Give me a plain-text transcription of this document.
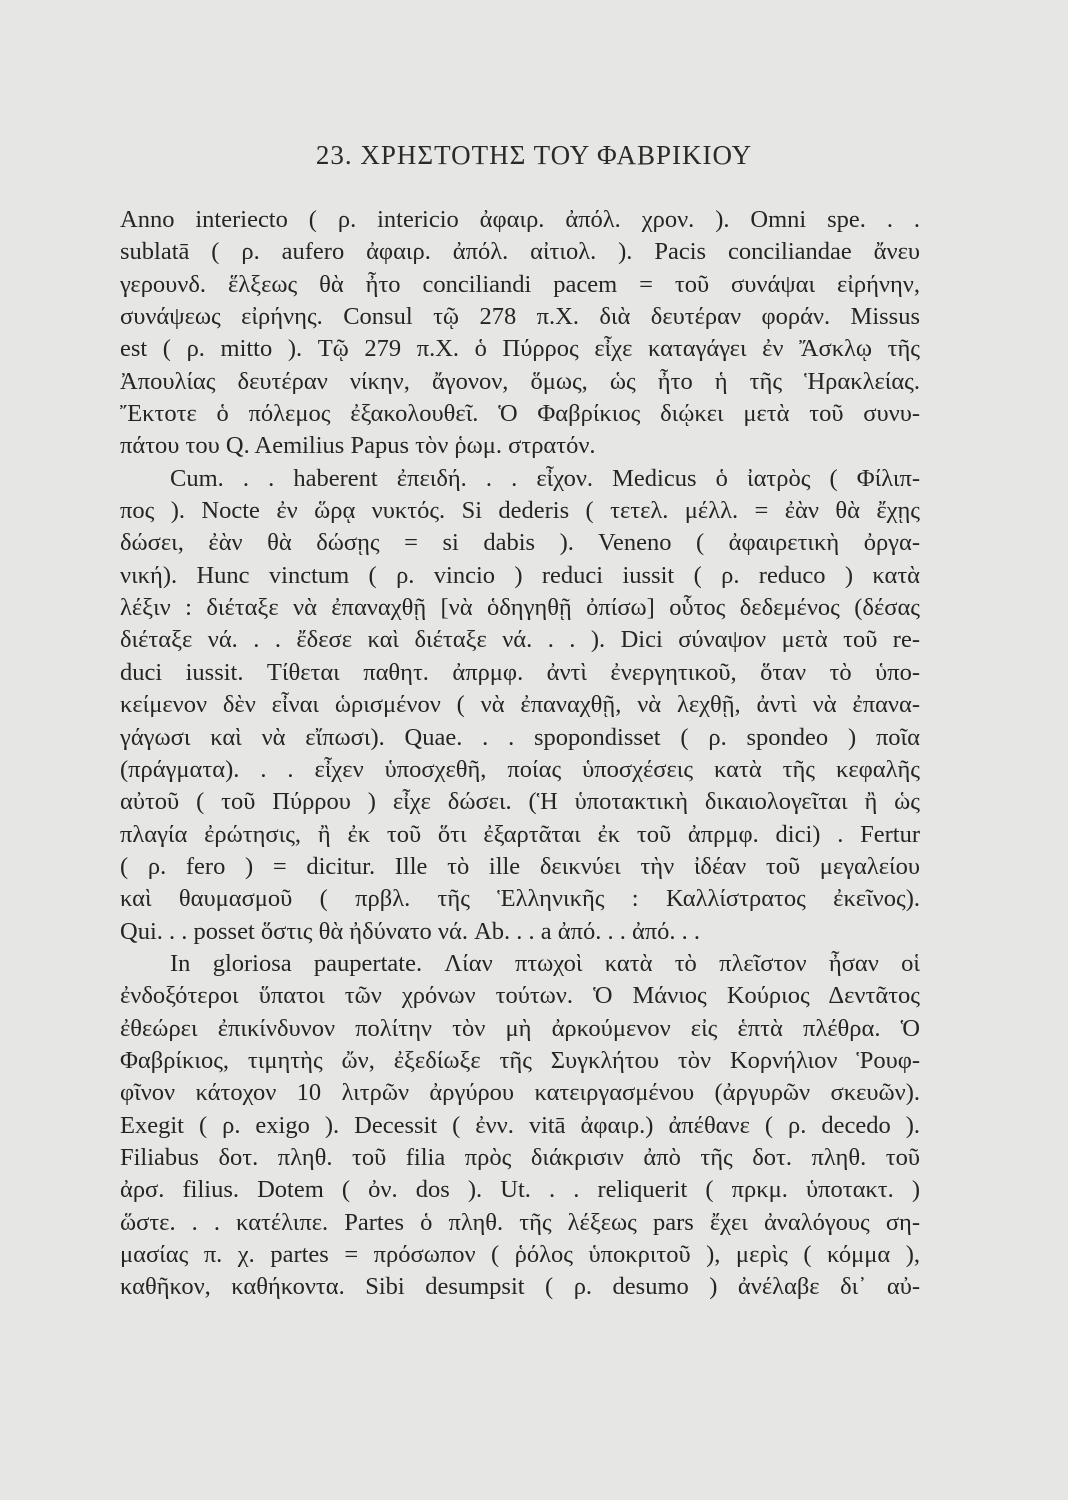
23. ΧΡΗΣΤΟΤΗΣ ΤΟΥ ΦΑΒΡΙΚΙΟΥ
Anno interiecto ( ρ. intericio ἀφαιρ. ἀπόλ. χρον. ). Omni spe. . .
sublatā ( ρ. aufero ἀφαιρ. ἀπόλ. αἰτιολ. ). Pacis conciliandae ἄνευ
γερουνδ. ἕλξεως θὰ ἦτο conciliandi pacem = τοῦ συνάψαι εἰρήνην,
συνάψεως εἰρήνης. Consul τῷ 278 π.Χ. διὰ δευτέραν φοράν. Missus
est ( ρ. mitto ). Τῷ 279 π.Χ. ὁ Πύρρος εἶχε καταγάγει ἐν Ἄσκλῳ τῆς
Ἀπουλίας δευτέραν νίκην, ἄγονον, ὅμως, ὡς ἦτο ἡ τῆς Ἡρακλείας.
Ἔκτοτε ὁ πόλεμος ἐξακολουθεῖ. Ὁ Φαβρίκιος διῴκει μετὰ τοῦ συνυ-
πάτου του Q. Aemilius Papus τὸν ῥωμ. στρατόν.
Cum. . . haberent ἐπειδή. . . εἶχον. Medicus ὁ ἰατρὸς ( Φίλιπ-
πος ). Nocte ἐν ὥρᾳ νυκτός. Si dederis ( τετελ. μέλλ. = ἐὰν θὰ ἔχῃς
δώσει, ἐὰν θὰ δώσῃς = si dabis ). Veneno ( ἀφαιρετικὴ ὀργα-
νική). Hunc vinctum ( ρ. vincio ) reduci iussit ( ρ. reduco ) κατὰ
λέξιν : διέταξε νὰ ἐπαναχθῇ [νὰ ὁδηγηθῇ ὀπίσω] οὗτος δεδεμένος (δέσας
διέταξε νά. . . ἔδεσε καὶ διέταξε νά. . . ). Dici σύναψον μετὰ τοῦ re-
duci iussit. Τίθεται παθητ. ἀπρμφ. ἀντὶ ἐνεργητικοῦ, ὅταν τὸ ὑπο-
κείμενον δὲν εἶναι ὡρισμένον ( νὰ ἐπαναχθῇ, νὰ λεχθῇ, ἀντὶ νὰ ἐπανα-
γάγωσι καὶ νὰ εἴπωσι). Quae. . . spopondisset ( ρ. spondeo ) ποῖα
(πράγματα). . . εἶχεν ὑποσχεθῆ, ποίας ὑποσχέσεις κατὰ τῆς κεφαλῆς
αὐτοῦ ( τοῦ Πύρρου ) εἶχε δώσει. (Ἡ ὑποτακτικὴ δικαιολογεῖται ἢ ὡς
πλαγία ἐρώτησις, ἢ ἐκ τοῦ ὅτι ἐξαρτᾶται ἐκ τοῦ ἀπρμφ. dici) . Fertur
( ρ. fero ) = dicitur. Ille τὸ ille δεικνύει τὴν ἰδέαν τοῦ μεγαλείου
καὶ θαυμασμοῦ ( πρβλ. τῆς Ἑλληνικῆς : Καλλίστρατος ἐκεῖνος).
Qui. . . posset ὅστις θὰ ἠδύνατο νά. Ab. . . a ἀπό. . . ἀπό. . .
In gloriosa paupertate. Λίαν πτωχοὶ κατὰ τὸ πλεῖστον ἦσαν οἱ
ἐνδοξότεροι ὕπατοι τῶν χρόνων τούτων. Ὁ Μάνιος Κούριος Δεντᾶτος
ἐθεώρει ἐπικίνδυνον πολίτην τὸν μὴ ἀρκούμενον εἰς ἑπτὰ πλέθρα. Ὁ
Φαβρίκιος, τιμητὴς ὤν, ἐξεδίωξε τῆς Συγκλήτου τὸν Κορνήλιον Ῥουφ-
φῖνον κάτοχον 10 λιτρῶν ἀργύρου κατειργασμένου (ἀργυρῶν σκευῶν).
Exegit ( ρ. exigo ). Decessit ( ἐνν. vitā ἀφαιρ.) ἀπέθανε ( ρ. decedo ).
Filiabus δοτ. πληθ. τοῦ filia πρὸς διάκρισιν ἀπὸ τῆς δοτ. πληθ. τοῦ
ἀρσ. filius. Dotem ( ὀν. dos ). Ut. . . reliquerit ( πρκμ. ὑποτακτ. )
ὥστε. . . κατέλιπε. Partes ὁ πληθ. τῆς λέξεως pars ἔχει ἀναλόγους ση-
μασίας π. χ. partes = πρόσωπον ( ῥόλος ὑποκριτοῦ ), μερὶς ( κόμμα ),
καθῆκον, καθήκοντα. Sibi desumpsit ( ρ. desumo ) ἀνέλαβε δι᾿ αὐ-
